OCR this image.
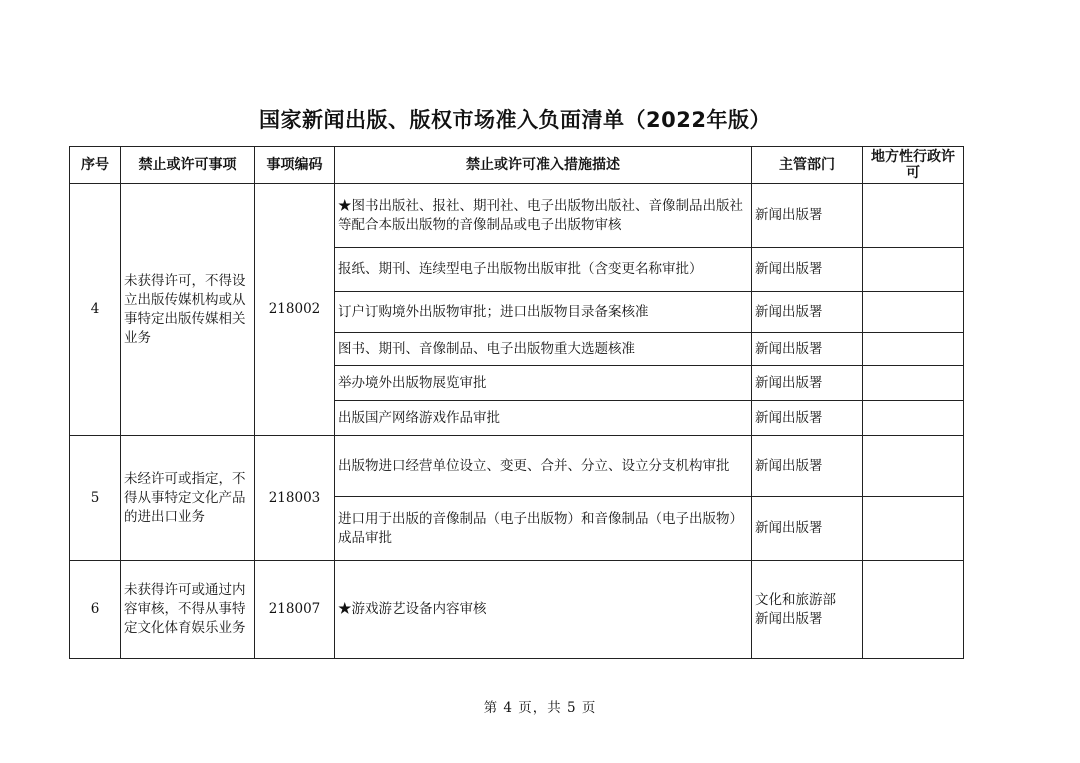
国家新闻出版、版权市场准入负面清单（2022年版）
序号	禁止或许可事项	事项编码	禁止或许可准入措施描述	主管部门	地方性行政许可
4	未获得许可，不得设立出版传媒机构或从事特定出版传媒相关业务	218002	★图书出版社、报社、期刊社、电子出版物出版社、音像制品出版社等配合本版出版物的音像制品或电子出版物审核	新闻出版署	
			报纸、期刊、连续型电子出版物出版审批（含变更名称审批）	新闻出版署	
			订户订购境外出版物审批；进口出版物目录备案核准	新闻出版署	
			图书、期刊、音像制品、电子出版物重大选题核准	新闻出版署	
			举办境外出版物展览审批	新闻出版署	
			出版国产网络游戏作品审批	新闻出版署	
5	未经许可或指定，不得从事特定文化产品的进出口业务	218003	出版物进口经营单位设立、变更、合并、分立、设立分支机构审批	新闻出版署	
			进口用于出版的音像制品（电子出版物）和音像制品（电子出版物）成品审批	新闻出版署	
6	未获得许可或通过内容审核，不得从事特定文化体育娱乐业务	218007	★游戏游艺设备内容审核	文化和旅游部
新闻出版署	
第 4 页，共 5 页
